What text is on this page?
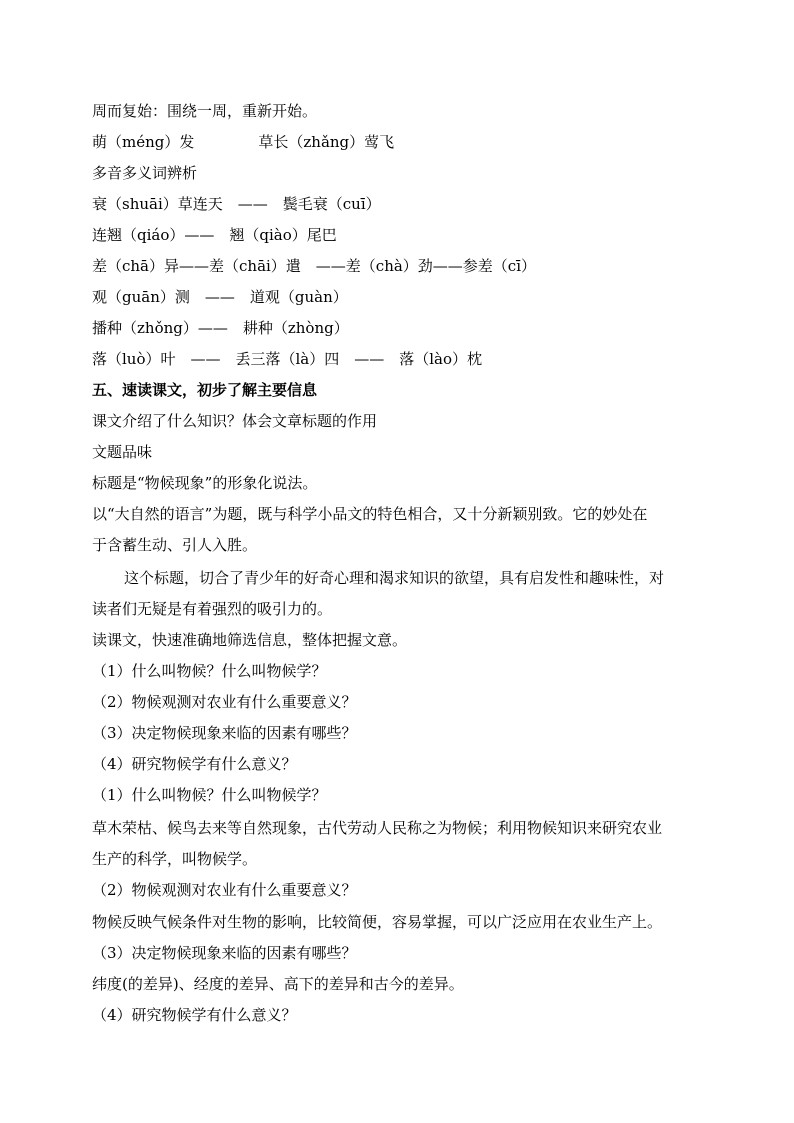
周而复始：围绕一周，重新开始。
萌（méng）发	草长（zhǎng）莺飞
多音多义词辨析
衰（shuāi）草连天　——　鬓毛衰（cuī）
连翘（qiáo）——　翘（qiào）尾巴
差（chā）异——差（chāi）遣　——差（chà）劲——参差（cī）
观（guān）测　——　道观（guàn）
播种（zhǒng）——　耕种（zhòng）
落（luò）叶　——　丢三落（là）四　——　落（lào）枕
五、速读课文，初步了解主要信息
课文介绍了什么知识？体会文章标题的作用
文题品味
标题是“物候现象”的形象化说法。
以“大自然的语言”为题，既与科学小品文的特色相合，又十分新颖别致。它的妙处在
于含蓄生动、引人入胜。
这个标题，切合了青少年的好奇心理和渴求知识的欲望，具有启发性和趣味性，对
读者们无疑是有着强烈的吸引力的。
读课文，快速准确地筛选信息，整体把握文意。
（1）什么叫物候？什么叫物候学？
（2）物候观测对农业有什么重要意义？
（3）决定物候现象来临的因素有哪些？
（4）研究物候学有什么意义？
（1）什么叫物候？什么叫物候学？
草木荣枯、候鸟去来等自然现象，古代劳动人民称之为物候；利用物候知识来研究农业
生产的科学，叫物候学。
（2）物候观测对农业有什么重要意义？
物候反映气候条件对生物的影响，比较简便，容易掌握，可以广泛应用在农业生产上。
（3）决定物候现象来临的因素有哪些？
纬度(的差异)、经度的差异、高下的差异和古今的差异。
（4）研究物候学有什么意义？
